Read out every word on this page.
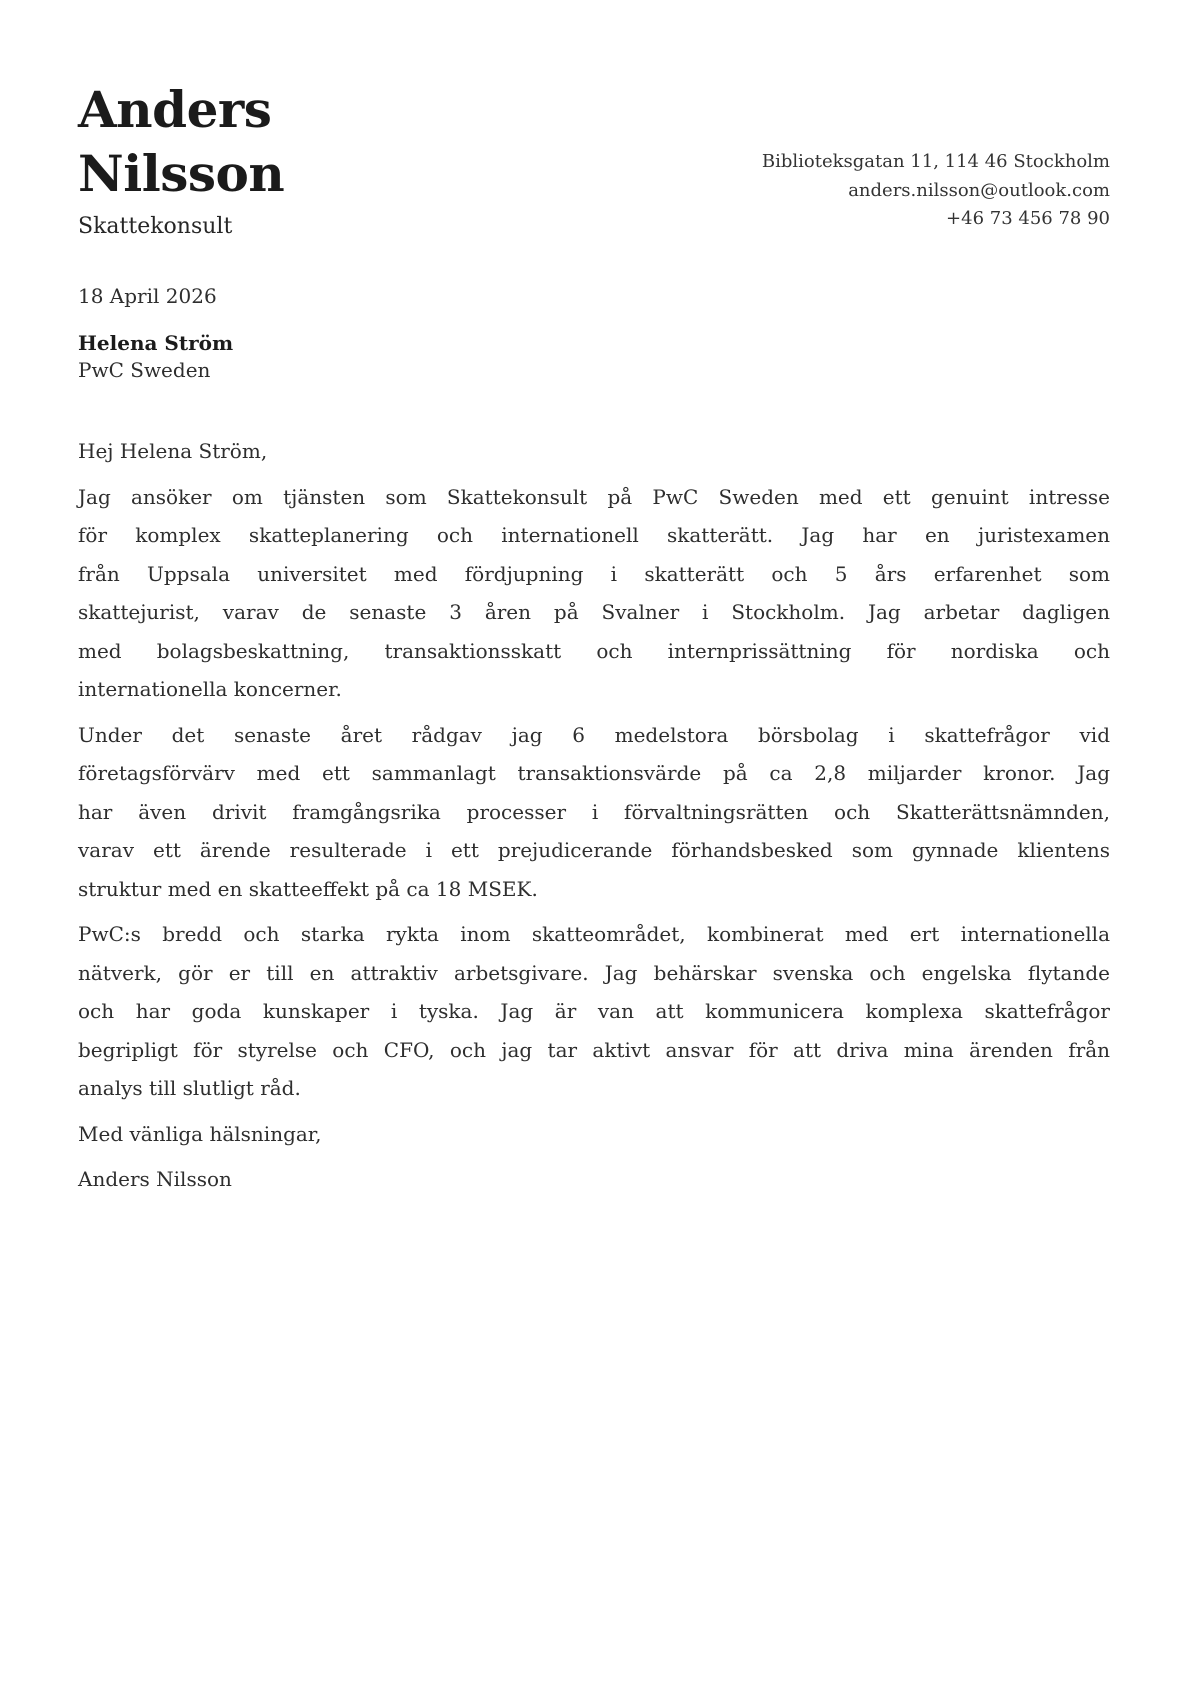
Anders
Nilsson
Skattekonsult
Biblioteksgatan 11, 114 46 Stockholm
anders.nilsson@outlook.com
+46 73 456 78 90
18 April 2026
Helena Ström
PwC Sweden
Hej Helena Ström,
Jag ansöker om tjänsten som Skattekonsult på PwC Sweden med ett genuint intresse
för komplex skatteplanering och internationell skatterätt. Jag har en juristexamen
från Uppsala universitet med fördjupning i skatterätt och 5 års erfarenhet som
skattejurist, varav de senaste 3 åren på Svalner i Stockholm. Jag arbetar dagligen
med bolagsbeskattning, transaktionsskatt och internprissättning för nordiska och
internationella koncerner.
Under det senaste året rådgav jag 6 medelstora börsbolag i skattefrågor vid
företagsförvärv med ett sammanlagt transaktionsvärde på ca 2,8 miljarder kronor. Jag
har även drivit framgångsrika processer i förvaltningsrätten och Skatterättsnämnden,
varav ett ärende resulterade i ett prejudicerande förhandsbesked som gynnade klientens
struktur med en skatteeffekt på ca 18 MSEK.
PwC:s bredd och starka rykta inom skatteområdet, kombinerat med ert internationella
nätverk, gör er till en attraktiv arbetsgivare. Jag behärskar svenska och engelska flytande
och har goda kunskaper i tyska. Jag är van att kommunicera komplexa skattefrågor
begripligt för styrelse och CFO, och jag tar aktivt ansvar för att driva mina ärenden från
analys till slutligt råd.
Med vänliga hälsningar,
Anders Nilsson
